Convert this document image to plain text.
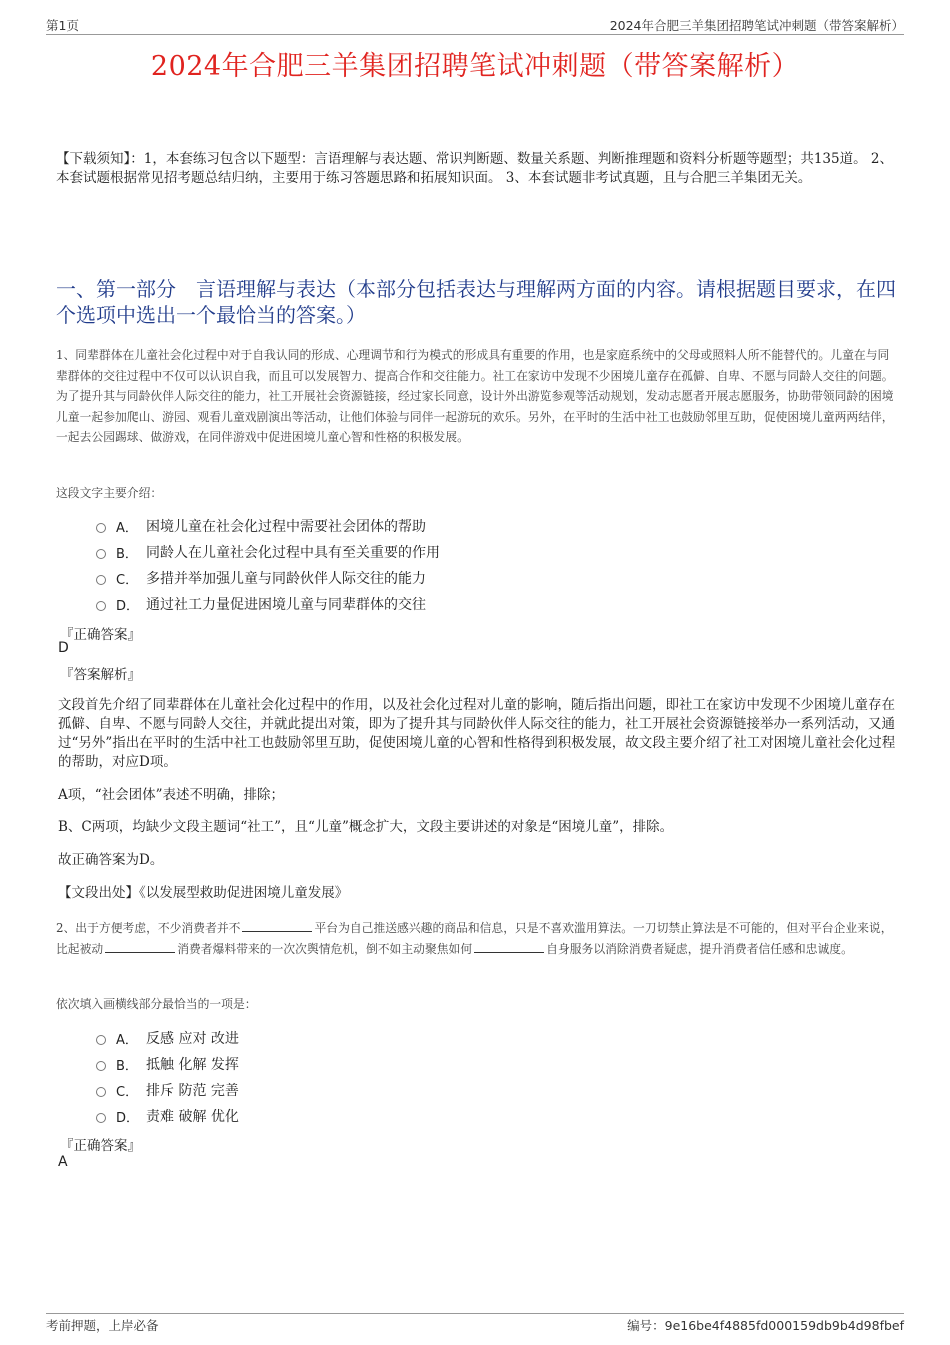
第1页	2024年合肥三羊集团招聘笔试冲刺题（带答案解析）
2024年合肥三羊集团招聘笔试冲刺题（带答案解析）
【下载须知】：1，本套练习包含以下题型：言语理解与表达题、常识判断题、数量关系题、判断推理题和资料分析题等题型；共135道。 2、本套试题根据常见招考题总结归纳，主要用于练习答题思路和拓展知识面。 3、本套试题非考试真题，且与合肥三羊集团无关。
一、第一部分　言语理解与表达（本部分包括表达与理解两方面的内容。请根据题目要求，在四个选项中选出一个最恰当的答案。）
1、同辈群体在儿童社会化过程中对于自我认同的形成、心理调节和行为模式的形成具有重要的作用，也是家庭系统中的父母或照料人所不能替代的。儿童在与同辈群体的交往过程中不仅可以认识自我，而且可以发展智力、提高合作和交往能力。社工在家访中发现不少困境儿童存在孤僻、自卑、不愿与同龄人交往的问题。为了提升其与同龄伙伴人际交往的能力，社工开展社会资源链接，经过家长同意，设计外出游览参观等活动规划，发动志愿者开展志愿服务，协助带领同龄的困境儿童一起参加爬山、游园、观看儿童戏剧演出等活动，让他们体验与同伴一起游玩的欢乐。另外，在平时的生活中社工也鼓励邻里互助，促使困境儿童两两结伴，一起去公园踢球、做游戏，在同伴游戏中促进困境儿童心智和性格的积极发展。
这段文字主要介绍：
A． 困境儿童在社会化过程中需要社会团体的帮助
B． 同龄人在儿童社会化过程中具有至关重要的作用
C． 多措并举加强儿童与同龄伙伴人际交往的能力
D． 通过社工力量促进困境儿童与同辈群体的交往
『正确答案』
D
『答案解析』
文段首先介绍了同辈群体在儿童社会化过程中的作用，以及社会化过程对儿童的影响，随后指出问题，即社工在家访中发现不少困境儿童存在孤僻、自卑、不愿与同龄人交往，并就此提出对策，即为了提升其与同龄伙伴人际交往的能力，社工开展社会资源链接举办一系列活动，又通过“另外”指出在平时的生活中社工也鼓励邻里互助，促使困境儿童的心智和性格得到积极发展，故文段主要介绍了社工对困境儿童社会化过程的帮助，对应D项。
A项，“社会团体”表述不明确，排除；
B、C两项，均缺少文段主题词“社工”，且“儿童”概念扩大，文段主要讲述的对象是“困境儿童”，排除。
故正确答案为D。
【文段出处】《以发展型救助促进困境儿童发展》
2、出于方便考虑，不少消费者并不	平台为自己推送感兴趣的商品和信息，只是不喜欢滥用算法。一刀切禁止算法是不可能的，但对平台企业来说，比起被动	消费者爆料带来的一次次舆情危机，倒不如主动聚焦如何	自身服务以消除消费者疑虑，提升消费者信任感和忠诚度。
依次填入画横线部分最恰当的一项是：
A． 反感 应对 改进
B． 抵触 化解 发挥
C． 排斥 防范 完善
D． 责难 破解 优化
『正确答案』
A
考前押题，上岸必备	编号：9e16be4f4885fd000159db9b4d98fbef
